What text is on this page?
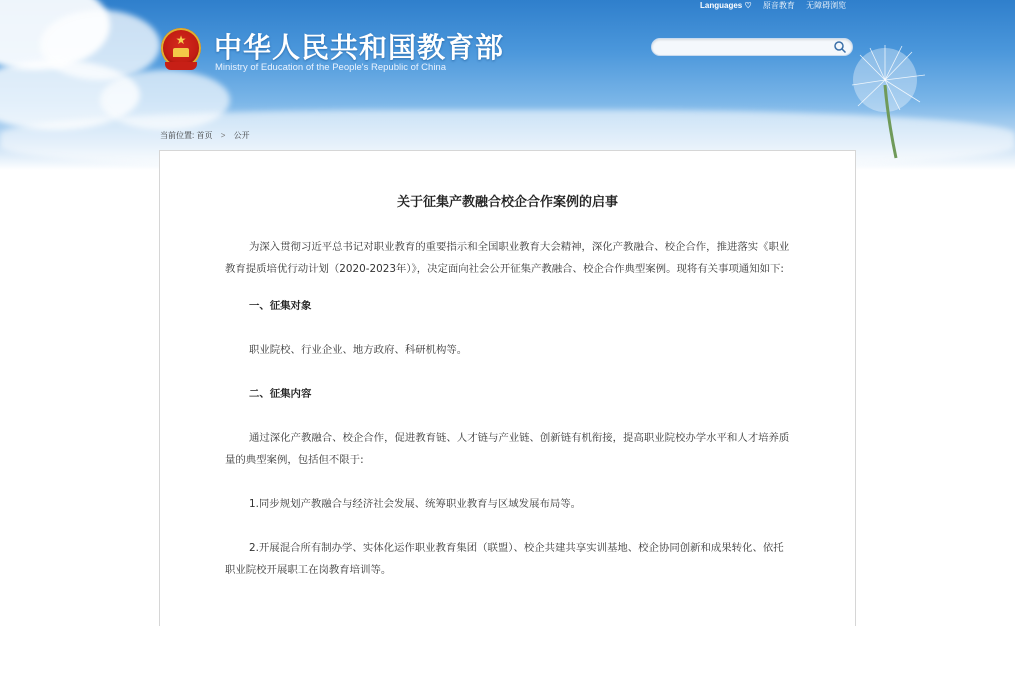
★ 中华人民共和国教育部
Ministry of Education of the People's Republic of China
Languages ♡ 原音教育 无障碍浏览
当前位置: 首页 > 公开
关于征集产教融合校企合作案例的启事

为深入贯彻习近平总书记对职业教育的重要指示和全国职业教育大会精神，深化产教融合、校企合作，推进落实《职业教育提质培优行动计划（2020-2023年）》，决定面向社会公开征集产教融合、校企合作典型案例。现将有关事项通知如下:

一、征集对象

职业院校、行业企业、地方政府、科研机构等。

二、征集内容

通过深化产教融合、校企合作，促进教育链、人才链与产业链、创新链有机衔接，提高职业院校办学水平和人才培养质量的典型案例，包括但不限于:

1.同步规划产教融合与经济社会发展、统筹职业教育与区域发展布局等。

2.开展混合所有制办学、实体化运作职业教育集团（联盟）、校企共建共享实训基地、校企协同创新和成果转化、依托职业院校开展职工在岗教育培训等。
